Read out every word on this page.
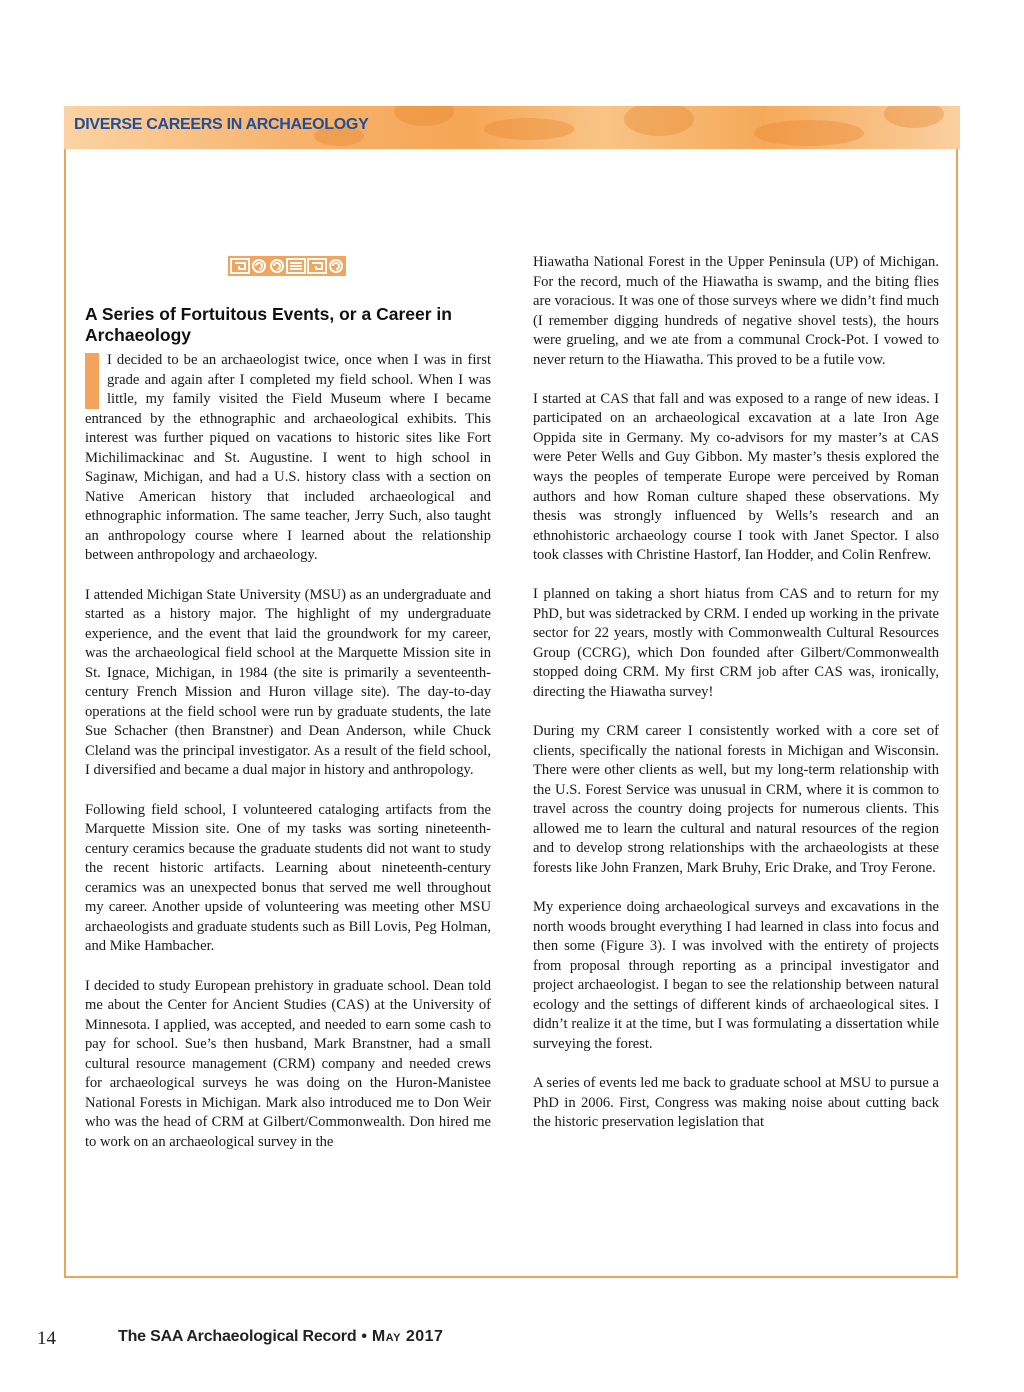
DIVERSE CAREERS IN ARCHAEOLOGY
A Series of Fortuitous Events, or a Career in Archaeology

I decided to be an archaeologist twice, once when I was in first grade and again after I completed my field school. When I was little, my family visited the Field Museum where I became entranced by the ethnographic and archaeological exhibits. This interest was further piqued on vacations to historic sites like Fort Michilimackinac and St. Augustine. I went to high school in Saginaw, Michigan, and had a U.S. history class with a section on Native American history that included archaeological and ethnographic information. The same teacher, Jerry Such, also taught an anthropology course where I learned about the relationship between anthropology and archaeology.

I attended Michigan State University (MSU) as an undergraduate and started as a history major. The highlight of my undergraduate experience, and the event that laid the groundwork for my career, was the archaeological field school at the Marquette Mission site in St. Ignace, Michigan, in 1984 (the site is primarily a seventeenth-century French Mission and Huron village site). The day-to-day operations at the field school were run by graduate students, the late Sue Schacher (then Branstner) and Dean Anderson, while Chuck Cleland was the principal investigator. As a result of the field school, I diversified and became a dual major in history and anthropology.

Following field school, I volunteered cataloging artifacts from the Marquette Mission site. One of my tasks was sorting nineteenth-century ceramics because the graduate students did not want to study the recent historic artifacts. Learning about nineteenth-century ceramics was an unexpected bonus that served me well throughout my career. Another upside of volunteering was meeting other MSU archaeologists and graduate students such as Bill Lovis, Peg Holman, and Mike Hambacher.

I decided to study European prehistory in graduate school. Dean told me about the Center for Ancient Studies (CAS) at the University of Minnesota. I applied, was accepted, and needed to earn some cash to pay for school. Sue’s then husband, Mark Branstner, had a small cultural resource management (CRM) company and needed crews for archaeological surveys he was doing on the Huron-Manistee National Forests in Michigan. Mark also introduced me to Don Weir who was the head of CRM at Gilbert/Commonwealth. Don hired me to work on an archaeological survey in the

Hiawatha National Forest in the Upper Peninsula (UP) of Michigan. For the record, much of the Hiawatha is swamp, and the biting flies are voracious. It was one of those surveys where we didn’t find much (I remember digging hundreds of negative shovel tests), the hours were grueling, and we ate from a communal Crock-Pot. I vowed to never return to the Hiawatha. This proved to be a futile vow.

I started at CAS that fall and was exposed to a range of new ideas. I participated on an archaeological excavation at a late Iron Age Oppida site in Germany. My co-advisors for my master’s at CAS were Peter Wells and Guy Gibbon. My master’s thesis explored the ways the peoples of temperate Europe were perceived by Roman authors and how Roman culture shaped these observations. My thesis was strongly influenced by Wells’s research and an ethnohistoric archaeology course I took with Janet Spector. I also took classes with Christine Hastorf, Ian Hodder, and Colin Renfrew.

I planned on taking a short hiatus from CAS and to return for my PhD, but was sidetracked by CRM. I ended up working in the private sector for 22 years, mostly with Commonwealth Cultural Resources Group (CCRG), which Don founded after Gilbert/Commonwealth stopped doing CRM. My first CRM job after CAS was, ironically, directing the Hiawatha survey!

During my CRM career I consistently worked with a core set of clients, specifically the national forests in Michigan and Wisconsin. There were other clients as well, but my long-term relationship with the U.S. Forest Service was unusual in CRM, where it is common to travel across the country doing projects for numerous clients. This allowed me to learn the cultural and natural resources of the region and to develop strong relationships with the archaeologists at these forests like John Franzen, Mark Bruhy, Eric Drake, and Troy Ferone.

My experience doing archaeological surveys and excavations in the north woods brought everything I had learned in class into focus and then some (Figure 3). I was involved with the entirety of projects from proposal through reporting as a principal investigator and project archaeologist. I began to see the relationship between natural ecology and the settings of different kinds of archaeological sites. I didn’t realize it at the time, but I was formulating a dissertation while surveying the forest.

A series of events led me back to graduate school at MSU to pursue a PhD in 2006. First, Congress was making noise about cutting back the historic preservation legislation that

14	The SAA Archaeological Record • May 2017
